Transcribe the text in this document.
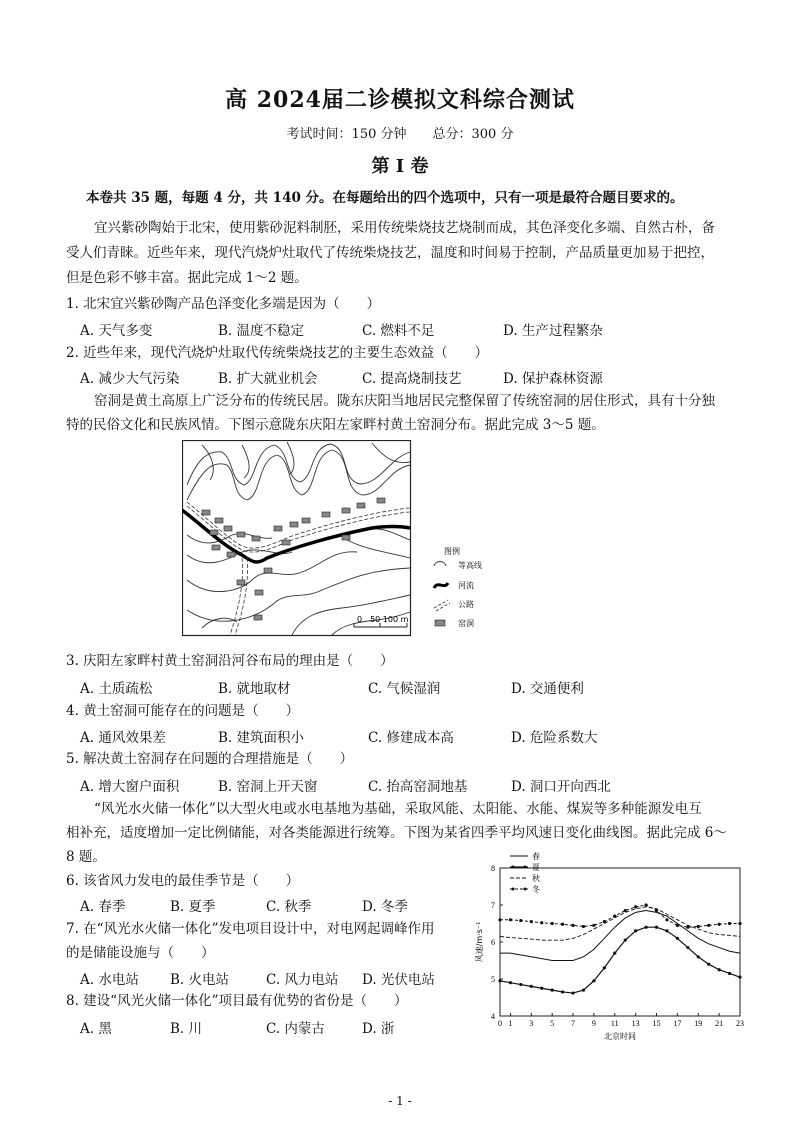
高 2024届二诊模拟文科综合测试
考试时间：150 分钟　　总分：300 分
第 I 卷
本卷共 35 题，每题 4 分，共 140 分。在每题给出的四个选项中，只有一项是最符合题目要求的。
宜兴紫砂陶始于北宋，使用紫砂泥料制胚，采用传统柴烧技艺烧制而成，其色泽变化多端、自然古朴，备
受人们青睐。近些年来，现代汽烧炉灶取代了传统柴烧技艺，温度和时间易于控制，产品质量更加易于把控，
但是色彩不够丰富。据此完成 1～2 题。
1. 北宋宜兴紫砂陶产品色泽变化多端是因为（　　）
A. 天气多变	B. 温度不稳定	C. 燃料不足	D. 生产过程繁杂
2. 近些年来，现代汽烧炉灶取代传统柴烧技艺的主要生态效益（　　）
A. 减少大气污染	B. 扩大就业机会	C. 提高烧制技艺	D. 保护森林资源
窑洞是黄土高原上广泛分布的传统民居。陇东庆阳当地居民完整保留了传统窑洞的居住形式，具有十分独
特的民俗文化和民族风情。下图示意陇东庆阳左家畔村黄土窑洞分布。据此完成 3～5 题。
0　50 100 m
图例
等高线
河流
公路
窑洞
3. 庆阳左家畔村黄土窑洞沿河谷布局的理由是（　　）
A. 土质疏松	B. 就地取材	C. 气候湿润	D. 交通便利
4. 黄土窑洞可能存在的问题是（　　）
A. 通风效果差	B. 建筑面积小	C. 修建成本高	D. 危险系数大
5. 解决黄土窑洞存在问题的合理措施是（　　）
A. 增大窗户面积	B. 窑洞上开天窗	C. 抬高窑洞地基	D. 洞口开向西北
“风光水火储一体化”以大型火电或水电基地为基础，采取风能、太阳能、水能、煤炭等多种能源发电互
相补充，适度增加一定比例储能，对各类能源进行统筹。下图为某省四季平均风速日变化曲线图。据此完成 6～
8 题。
6. 该省风力发电的最佳季节是（　　）
A. 春季	B. 夏季	C. 秋季	D. 冬季
7. 在“风光水火储一体化”发电项目设计中，对电网起调峰作用
的是储能设施与（　　）
A. 水电站 B. 火电站	C. 风力电站 D. 光伏电站
8. 建设“风光火储一体化”项目最有优势的省份是（　　）
A. 黑	B. 川	C. 内蒙古	D. 浙
4
5
6
7
8
0 1 3 5 7 9 11 13 15 17 19 21 23
北京时间
风速/m·s⁻¹
春
夏
秋
冬
- 1 -
